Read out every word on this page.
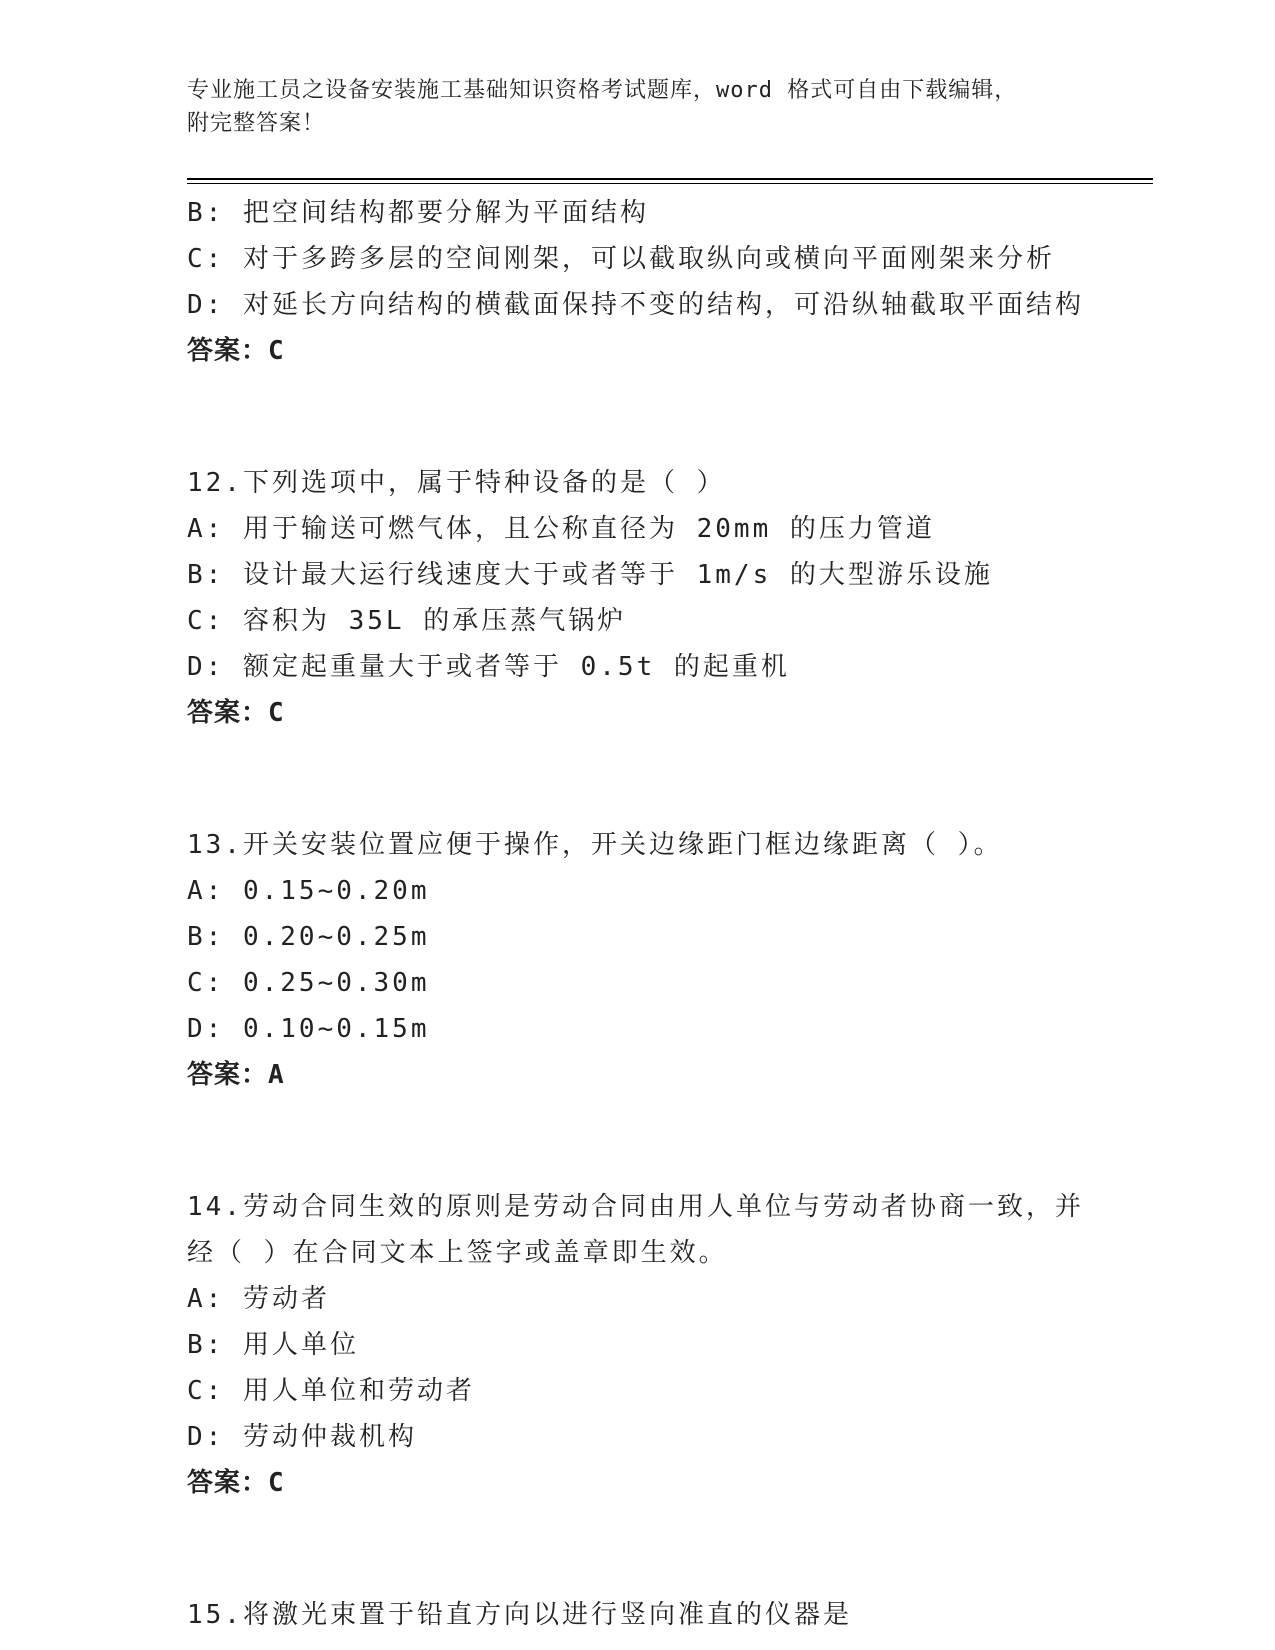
专业施工员之设备安装施工基础知识资格考试题库，word 格式可自由下载编辑，
附完整答案！
B: 把空间结构都要分解为平面结构
C: 对于多跨多层的空间刚架，可以截取纵向或横向平面刚架来分析
D: 对延长方向结构的横截面保持不变的结构，可沿纵轴截取平面结构
答案：C
12.下列选项中，属于特种设备的是（ ）
A: 用于输送可燃气体，且公称直径为 20mm 的压力管道
B: 设计最大运行线速度大于或者等于 1m/s 的大型游乐设施
C: 容积为 35L 的承压蒸气锅炉
D: 额定起重量大于或者等于 0.5t 的起重机
答案：C
13.开关安装位置应便于操作，开关边缘距门框边缘距离（ ）。
A: 0.15~0.20m
B: 0.20~0.25m
C: 0.25~0.30m
D: 0.10~0.15m
答案：A
14.劳动合同生效的原则是劳动合同由用人单位与劳动者协商一致，并
经（ ）在合同文本上签字或盖章即生效。
A: 劳动者
B: 用人单位
C: 用人单位和劳动者
D: 劳动仲裁机构
答案：C
15.将激光束置于铅直方向以进行竖向准直的仪器是
